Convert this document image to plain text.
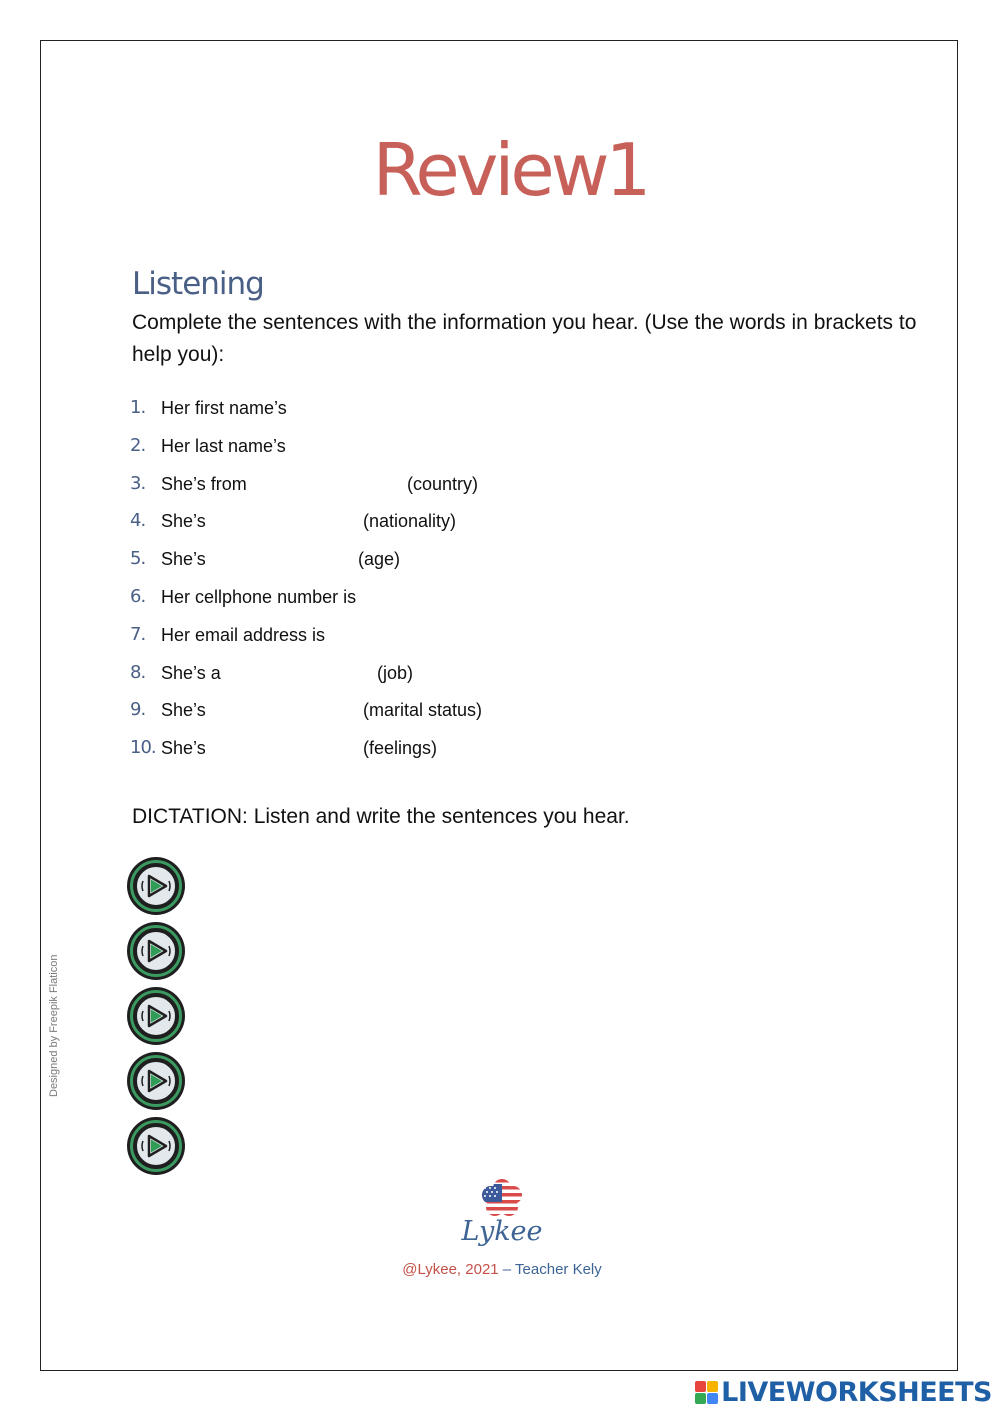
Review1
Listening
Complete the sentences with the information you hear. (Use the words in brackets to help you):
1. Her first name’s
2. Her last name’s
3. She’s from	(country)
4. She’s	(nationality)
5. She’s	(age)
6. Her cellphone number is
7. Her email address is
8. She’s a	(job)
9. She’s	(marital status)
10. She’s	(feelings)
DICTATION: Listen and write the sentences you hear.
Designed by Freepik Flaticon
Lykee
@Lykee, 2021 – Teacher Kely
LIVEWORKSHEETS
